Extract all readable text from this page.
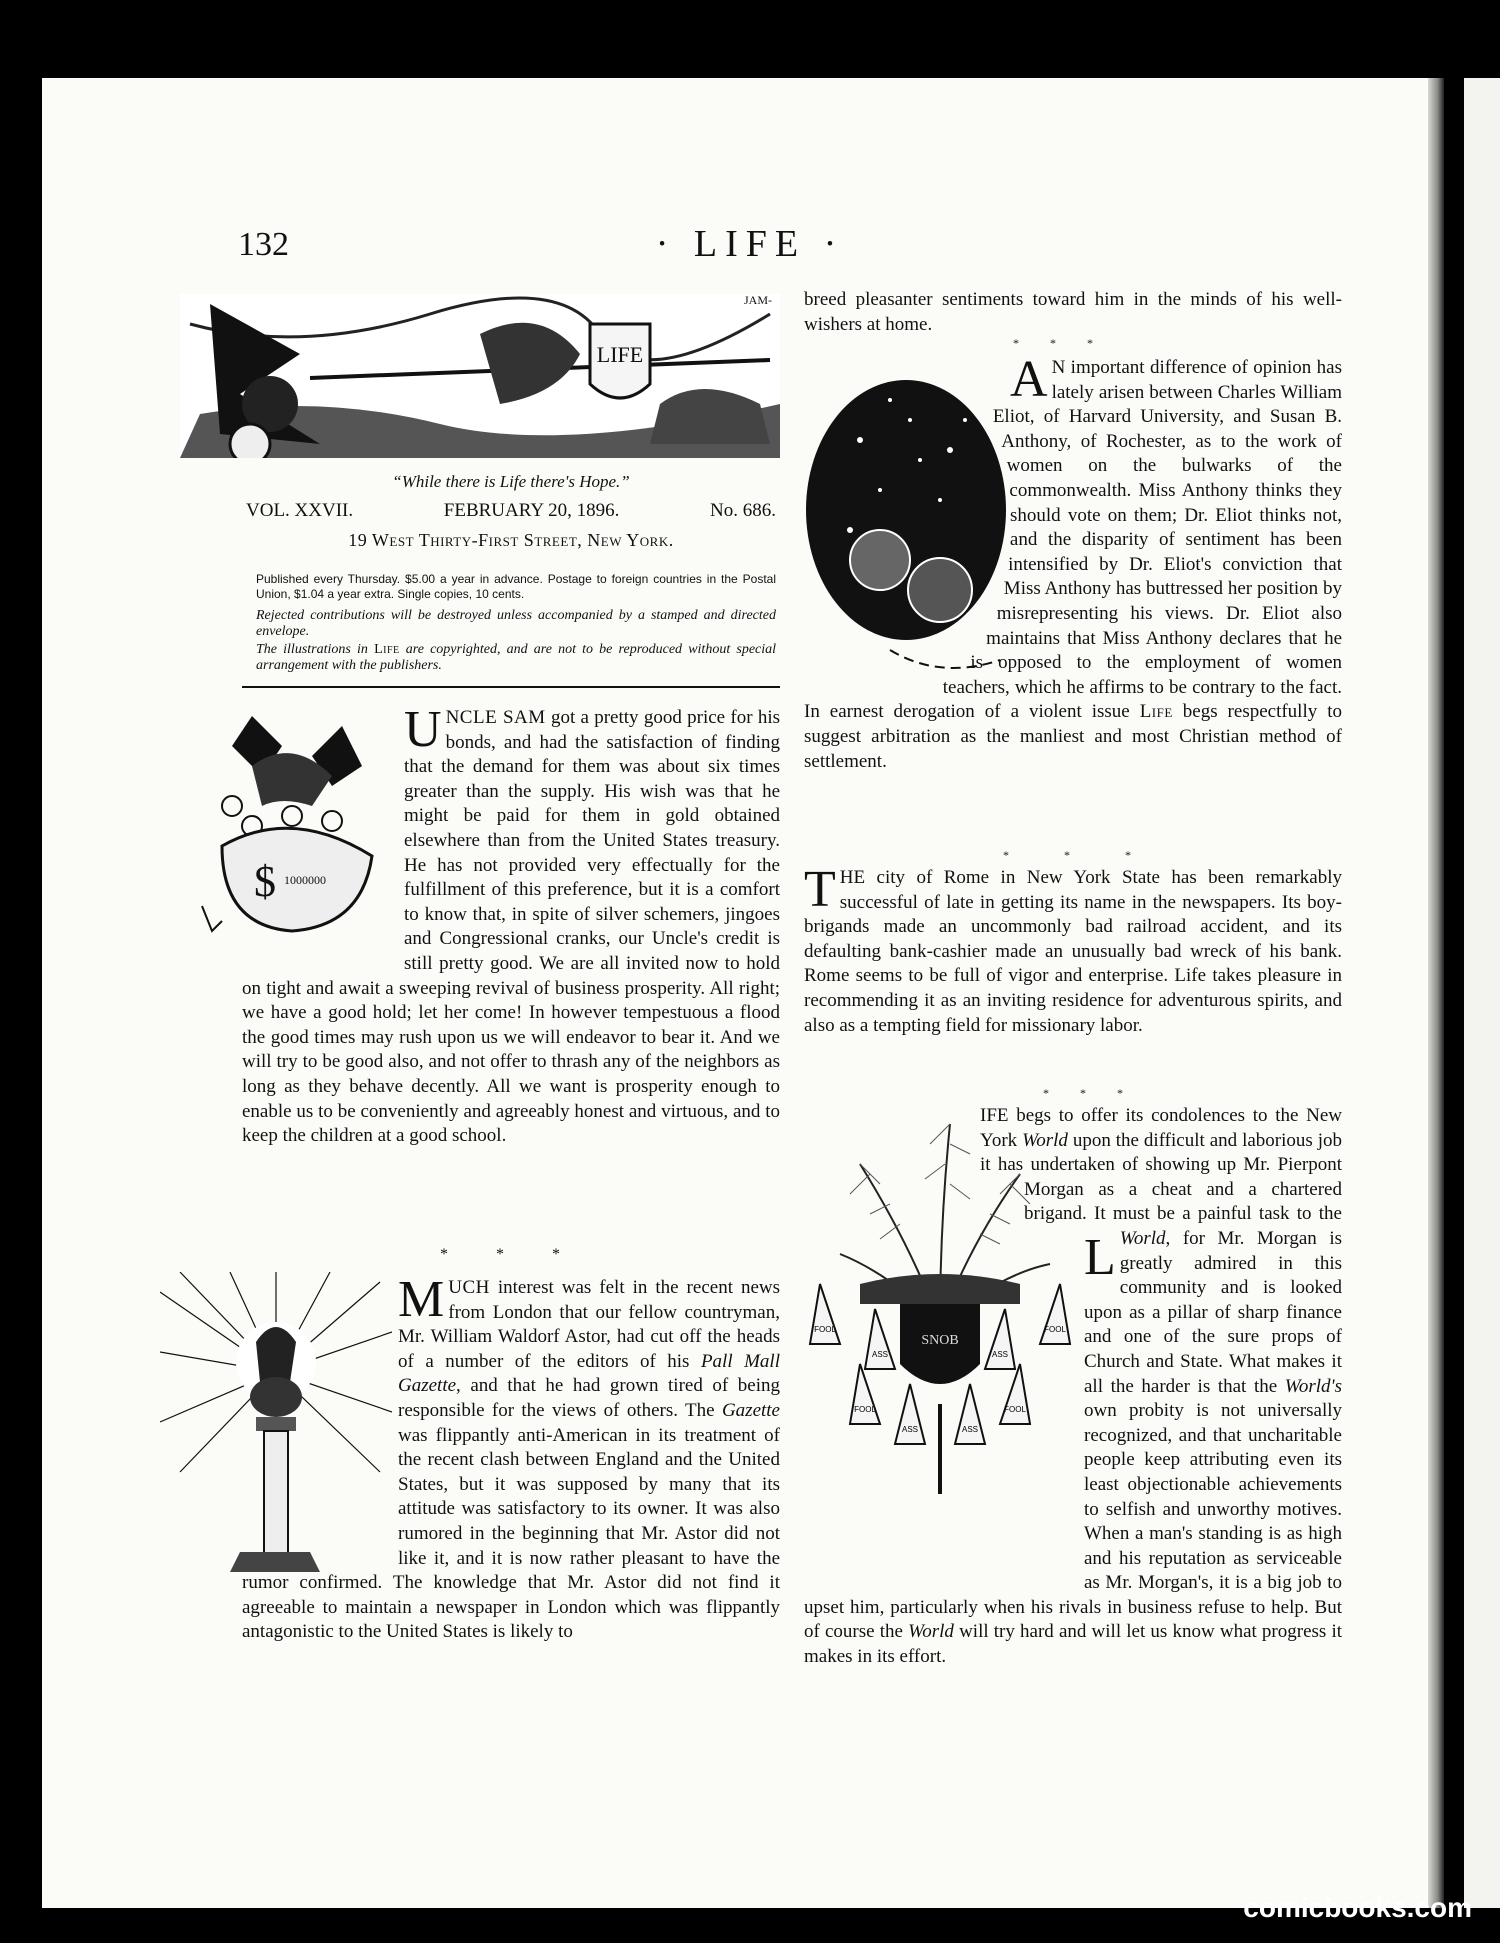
132	· LIFE ·
LIFE
JAM-
“While there is Life there's Hope.”
VOL. XXVII.	FEBRUARY 20, 1896.	No. 686.
19 West Thirty-First Street, New York.
Published every Thursday. $5.00 a year in advance. Postage to foreign countries in the Postal Union, $1.04 a year extra. Single copies, 10 cents.
Rejected contributions will be destroyed unless accompanied by a stamped and directed envelope.
The illustrations in Life are copyrighted, and are not to be reproduced without special arrangement with the publishers.
$ 1000000
U NCLE SAM got a pretty good price for his bonds, and had the satisfaction of finding that the demand for them was about six times greater than the supply. His wish was that he might be paid for them in gold obtained elsewhere than from the United States treasury. He has not provided very effectually for the fulfillment of this preference, but it is a comfort to know that, in spite of silver schemers, jingoes and Congressional cranks, our Uncle's credit is still pretty good. We are all invited now to hold on tight and await a sweeping revival of business prosperity. All right; we have a good hold; let her come! In however tempestuous a flood the good times may rush upon us we will endeavor to bear it. And we will try to be good also, and not offer to thrash any of the neighbors as long as they behave decently. All we want is prosperity enough to enable us to be conveniently and agreeably honest and virtuous, and to keep the children at a good school.
* * *
M UCH interest was felt in the recent news from London that our fellow countryman, Mr. William Waldorf Astor, had cut off the heads of a number of the editors of his Pall Mall Gazette, and that he had grown tired of being responsible for the views of others. The Gazette was flippantly anti-American in its treatment of the recent clash between England and the United States, but it was supposed by many that its attitude was satisfactory to its owner. It was also rumored in the beginning that Mr. Astor did not like it, and it is now rather pleasant to have the rumor confirmed. The knowledge that Mr. Astor did not find it agreeable to maintain a newspaper in London which was flippantly antagonistic to the United States is likely to
breed pleasanter sentiments toward him in the minds of his well-wishers at home.
* * *
A N important difference of opinion has lately arisen between Charles William Eliot, of Harvard University, and Susan B. Anthony, of Rochester, as to the work of women on the bulwarks of the commonwealth. Miss Anthony thinks they should vote on them; Dr. Eliot thinks not, and the disparity of sentiment has been intensified by Dr. Eliot's conviction that Miss Anthony has buttressed her position by misrepresenting his views. Dr. Eliot also maintains that Miss Anthony declares that he is opposed to the employment of women teachers, which he affirms to be contrary to the fact. In earnest derogation of a violent issue Life begs respectfully to suggest arbitration as the manliest and most Christian method of settlement.
* * *
T HE city of Rome in New York State has been remarkably successful of late in getting its name in the newspapers. Its boy-brigands made an uncommonly bad railroad accident, and its defaulting bank-cashier made an unusually bad wreck of his bank. Rome seems to be full of vigor and enterprise. Life takes pleasure in recommending it as an inviting residence for adventurous spirits, and also as a tempting field for missionary labor.
* * *
SNOB
FOOL
ASS
FOOL
ASS
FOOL
ASS
FOOL
ASS
L
IFE begs to offer its condolences to the New York World upon the difficult and laborious job it has undertaken of showing up Mr. Pierpont Morgan as a cheat and a chartered brigand. It must be a painful task to the World, for Mr. Morgan is greatly admired in this community and is looked upon as a pillar of sharp finance and one of the sure props of Church and State. What makes it all the harder is that the World's own probity is not universally recognized, and that uncharitable people keep attributing even its least objectionable achievements to selfish and unworthy motives. When a man's standing is as high and his reputation as serviceable as Mr. Morgan's, it is a big job to upset him, particularly when his rivals in business refuse to help. But of course the World will try hard and will let us know what progress it makes in its effort.
comicbooks.com
